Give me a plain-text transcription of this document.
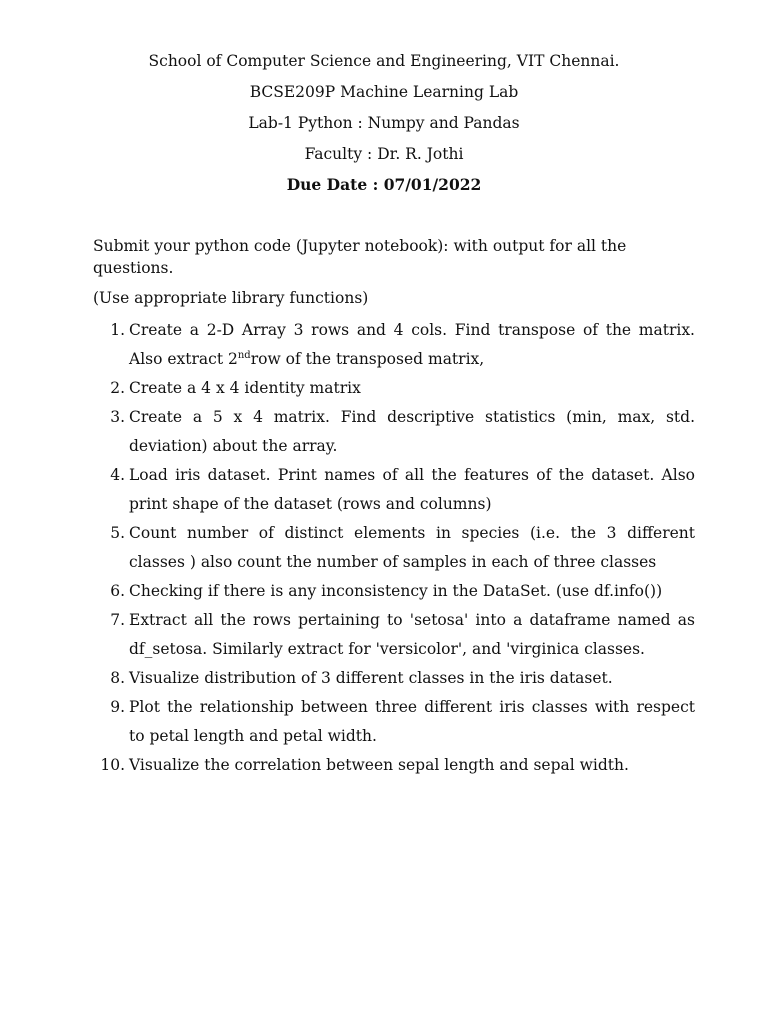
School of Computer Science and Engineering, VIT Chennai.
BCSE209P Machine Learning Lab
Lab-1 Python : Numpy and Pandas
Faculty : Dr. R. Jothi
Due Date : 07/01/2022
Submit your python code (Jupyter notebook): with output for all the questions.
(Use appropriate library functions)
1. Create a 2-D Array 3 rows and 4 cols. Find transpose of the matrix. Also extract 2ndrow of the transposed matrix,
2. Create a 4 x 4 identity matrix
3. Create a 5 x 4 matrix. Find descriptive statistics (min, max, std. deviation) about the array.
4. Load iris dataset. Print names of all the features of the dataset. Also print shape of the dataset (rows and columns)
5. Count number of distinct elements in species (i.e. the 3 different classes ) also count the number of samples in each of three classes
6. Checking if there is any inconsistency in the DataSet. (use df.info())
7. Extract all the rows pertaining to 'setosa' into a dataframe named as df_setosa. Similarly extract for 'versicolor', and 'virginica classes.
8. Visualize distribution of 3 different classes in the iris dataset.
9. Plot the relationship between three different iris classes with respect to petal length and petal width.
10. Visualize the correlation between sepal length and sepal width.
